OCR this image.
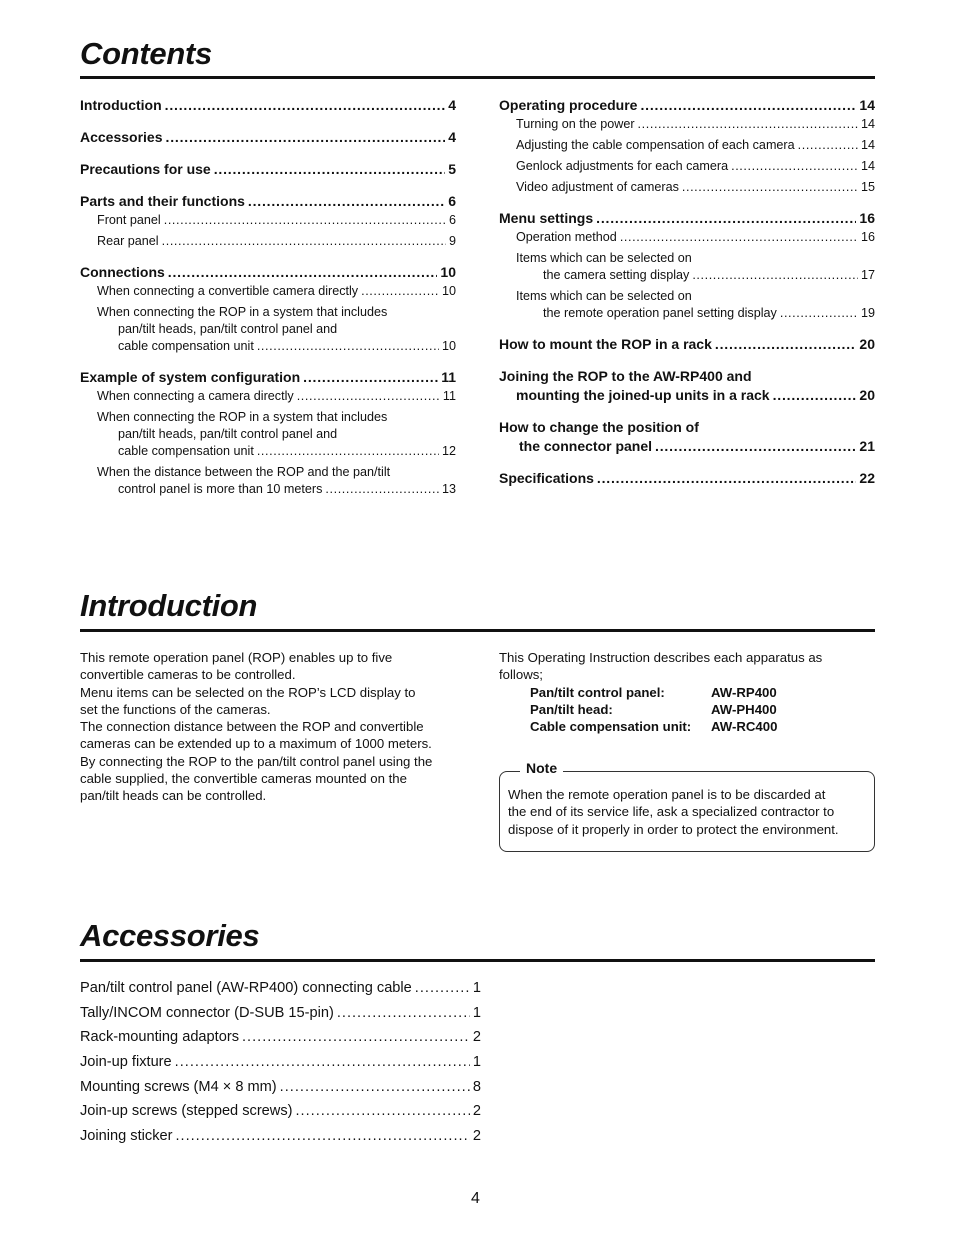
Contents
Introduction .....	4
Accessories .....	4
Precautions for use .....	5
Parts and their functions .....	6
Front panel .....	6
Rear panel .....	9
Connections .....	10
When connecting a convertible camera directly .....	10
When connecting the ROP in a system that includes
pan/tilt heads, pan/tilt control panel and
cable compensation unit .....	10
Example of system configuration .....	11
When connecting a camera directly .....	11
When connecting the ROP in a system that includes
pan/tilt heads, pan/tilt control panel and
cable compensation unit .....	12
When the distance between the ROP and the pan/tilt
control panel is more than 10 meters .....	13
Operating procedure .....	14
Turning on the power .....	14
Adjusting the cable compensation of each camera .....	14
Genlock adjustments for each camera .....	14
Video adjustment of cameras .....	15
Menu settings .....	16
Operation method .....	16
Items which can be selected on
the camera setting display .....	17
Items which can be selected on
the remote operation panel setting display .....	19
How to mount the ROP in a rack .....	20
Joining the ROP to the AW-RP400 and
mounting the joined-up units in a rack .....	20
How to change the position of
the connector panel .....	21
Specifications .....	22
Introduction
This remote operation panel (ROP) enables up to five
convertible cameras to be controlled.
Menu items can be selected on the ROP’s LCD display to
set the functions of the cameras.
The connection distance between the ROP and convertible
cameras can be extended up to a maximum of 1000 meters.
By connecting the ROP to the pan/tilt control panel using the
cable supplied, the convertible cameras mounted on the
pan/tilt heads can be controlled.
This Operating Instruction describes each apparatus as
follows;
Pan/tilt control panel:	AW-RP400
Pan/tilt head:	AW-PH400
Cable compensation unit:	AW-RC400
Note
When the remote operation panel is to be discarded at
the end of its service life, ask a specialized contractor to
dispose of it properly in order to protect the environment.
Accessories
Pan/tilt control panel (AW-RP400) connecting cable .....	1
Tally/INCOM connector (D-SUB 15-pin) .....	1
Rack-mounting adaptors .....	2
Join-up fixture .....	1
Mounting screws (M4 × 8 mm) .....	8
Join-up screws (stepped screws) .....	2
Joining sticker .....	2
4
